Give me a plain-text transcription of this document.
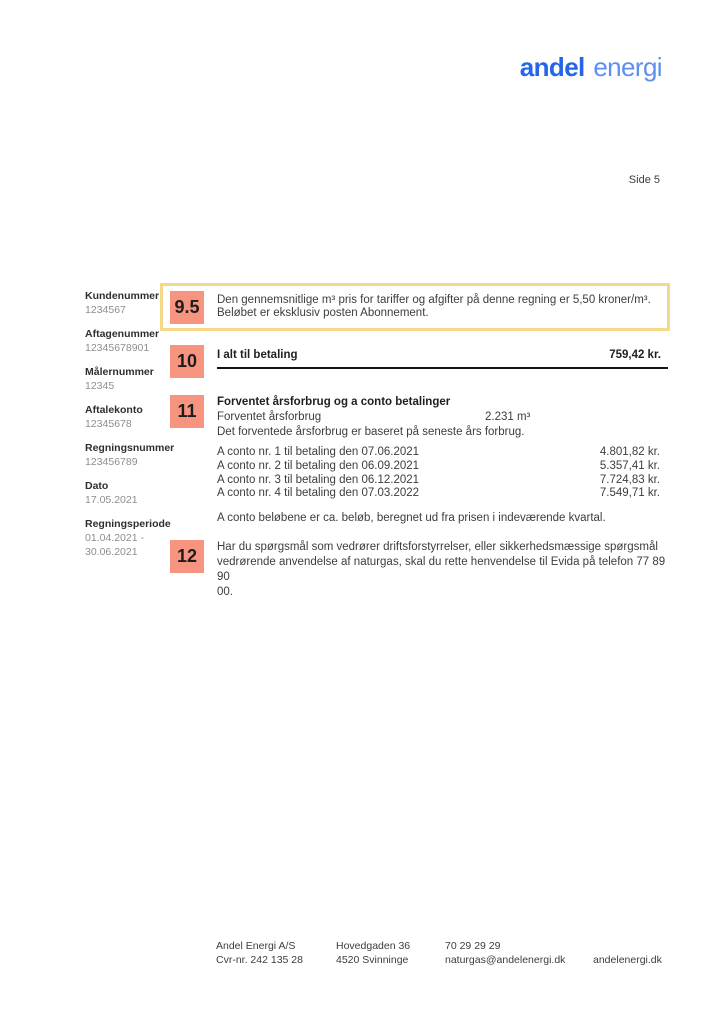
andel energi
Side 5
Kundenummer
1234567
Aftagenummer
12345678901
Målernummer
12345
Aftalekonto
12345678
Regningsnummer
123456789
Dato
17.05.2021
Regningsperiode
01.04.2021 -
30.06.2021
9.5	Den gennemsnitlige m³ pris for tariffer og afgifter på denne regning er 5,50 kroner/m³.
Beløbet er eksklusiv posten Abonnement.
10	I alt til betaling	759,42 kr.
11	Forventet årsforbrug og a conto betalinger
Forventet årsforbrug	2.231 m³
Det forventede årsforbrug er baseret på seneste års forbrug.
A conto nr. 1 til betaling den 07.06.2021	4.801,82 kr.
A conto nr. 2 til betaling den 06.09.2021	5.357,41 kr.
A conto nr. 3 til betaling den 06.12.2021	7.724,83 kr.
A conto nr. 4 til betaling den 07.03.2022	7.549,71 kr.
A conto beløbene er ca. beløb, beregnet ud fra prisen i indeværende kvartal.
12	Har du spørgsmål som vedrører driftsforstyrrelser, eller sikkerhedsmæssige spørgsmål
vedrørende anvendelse af naturgas, skal du rette henvendelse til Evida på telefon 77 89 90
00.
Andel Energi A/S
Cvr-nr. 242 135 28
Hovedgaden 36
4520 Svinninge
70 29 29 29
naturgas@andelenergi.dk	andelenergi.dk
